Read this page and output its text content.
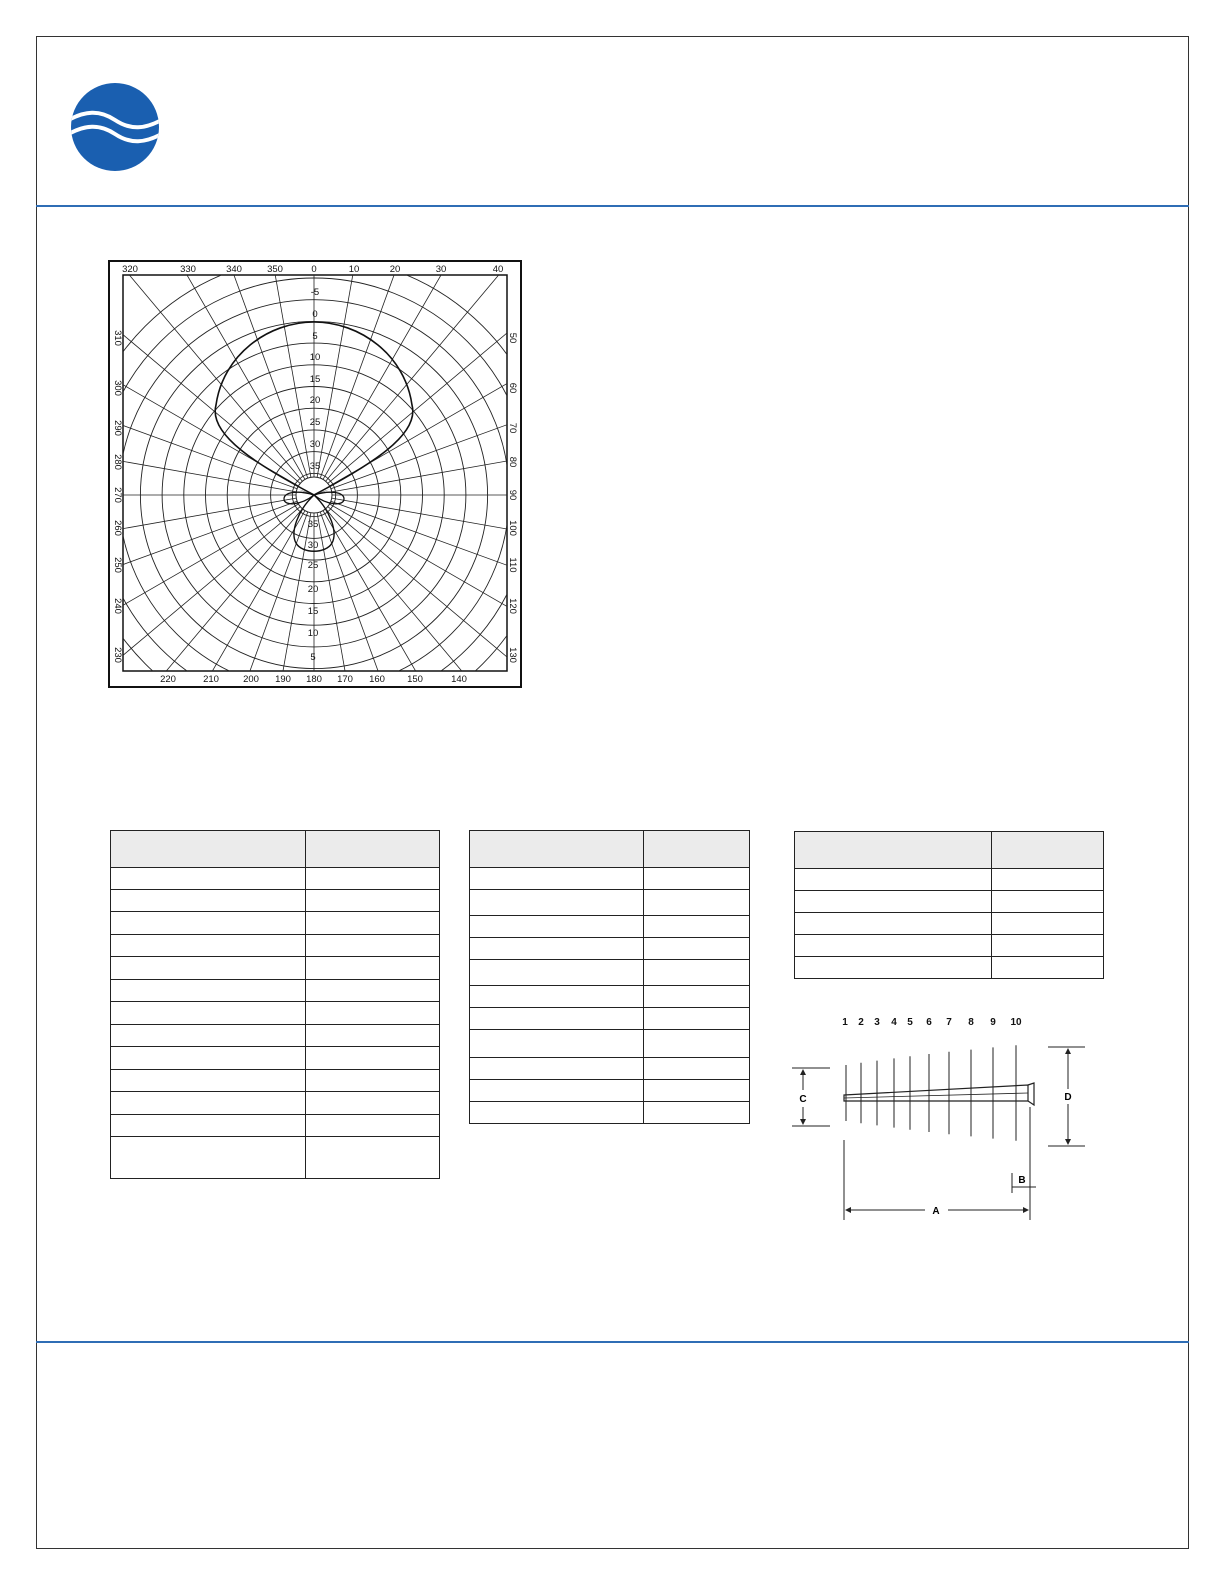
320	330	340	350	0	10	20	30	40
220	210	200 190 180 170 160 150	140
310
300
290
280
270
260
250
240
230
50
60
70
80
90
100
110
120
130
-5
0
5
10
15
20
25
30
35
35
30
25
20
15
10
5

1 2 3 4 5 6 7 8 9 10
C	D
A
B
